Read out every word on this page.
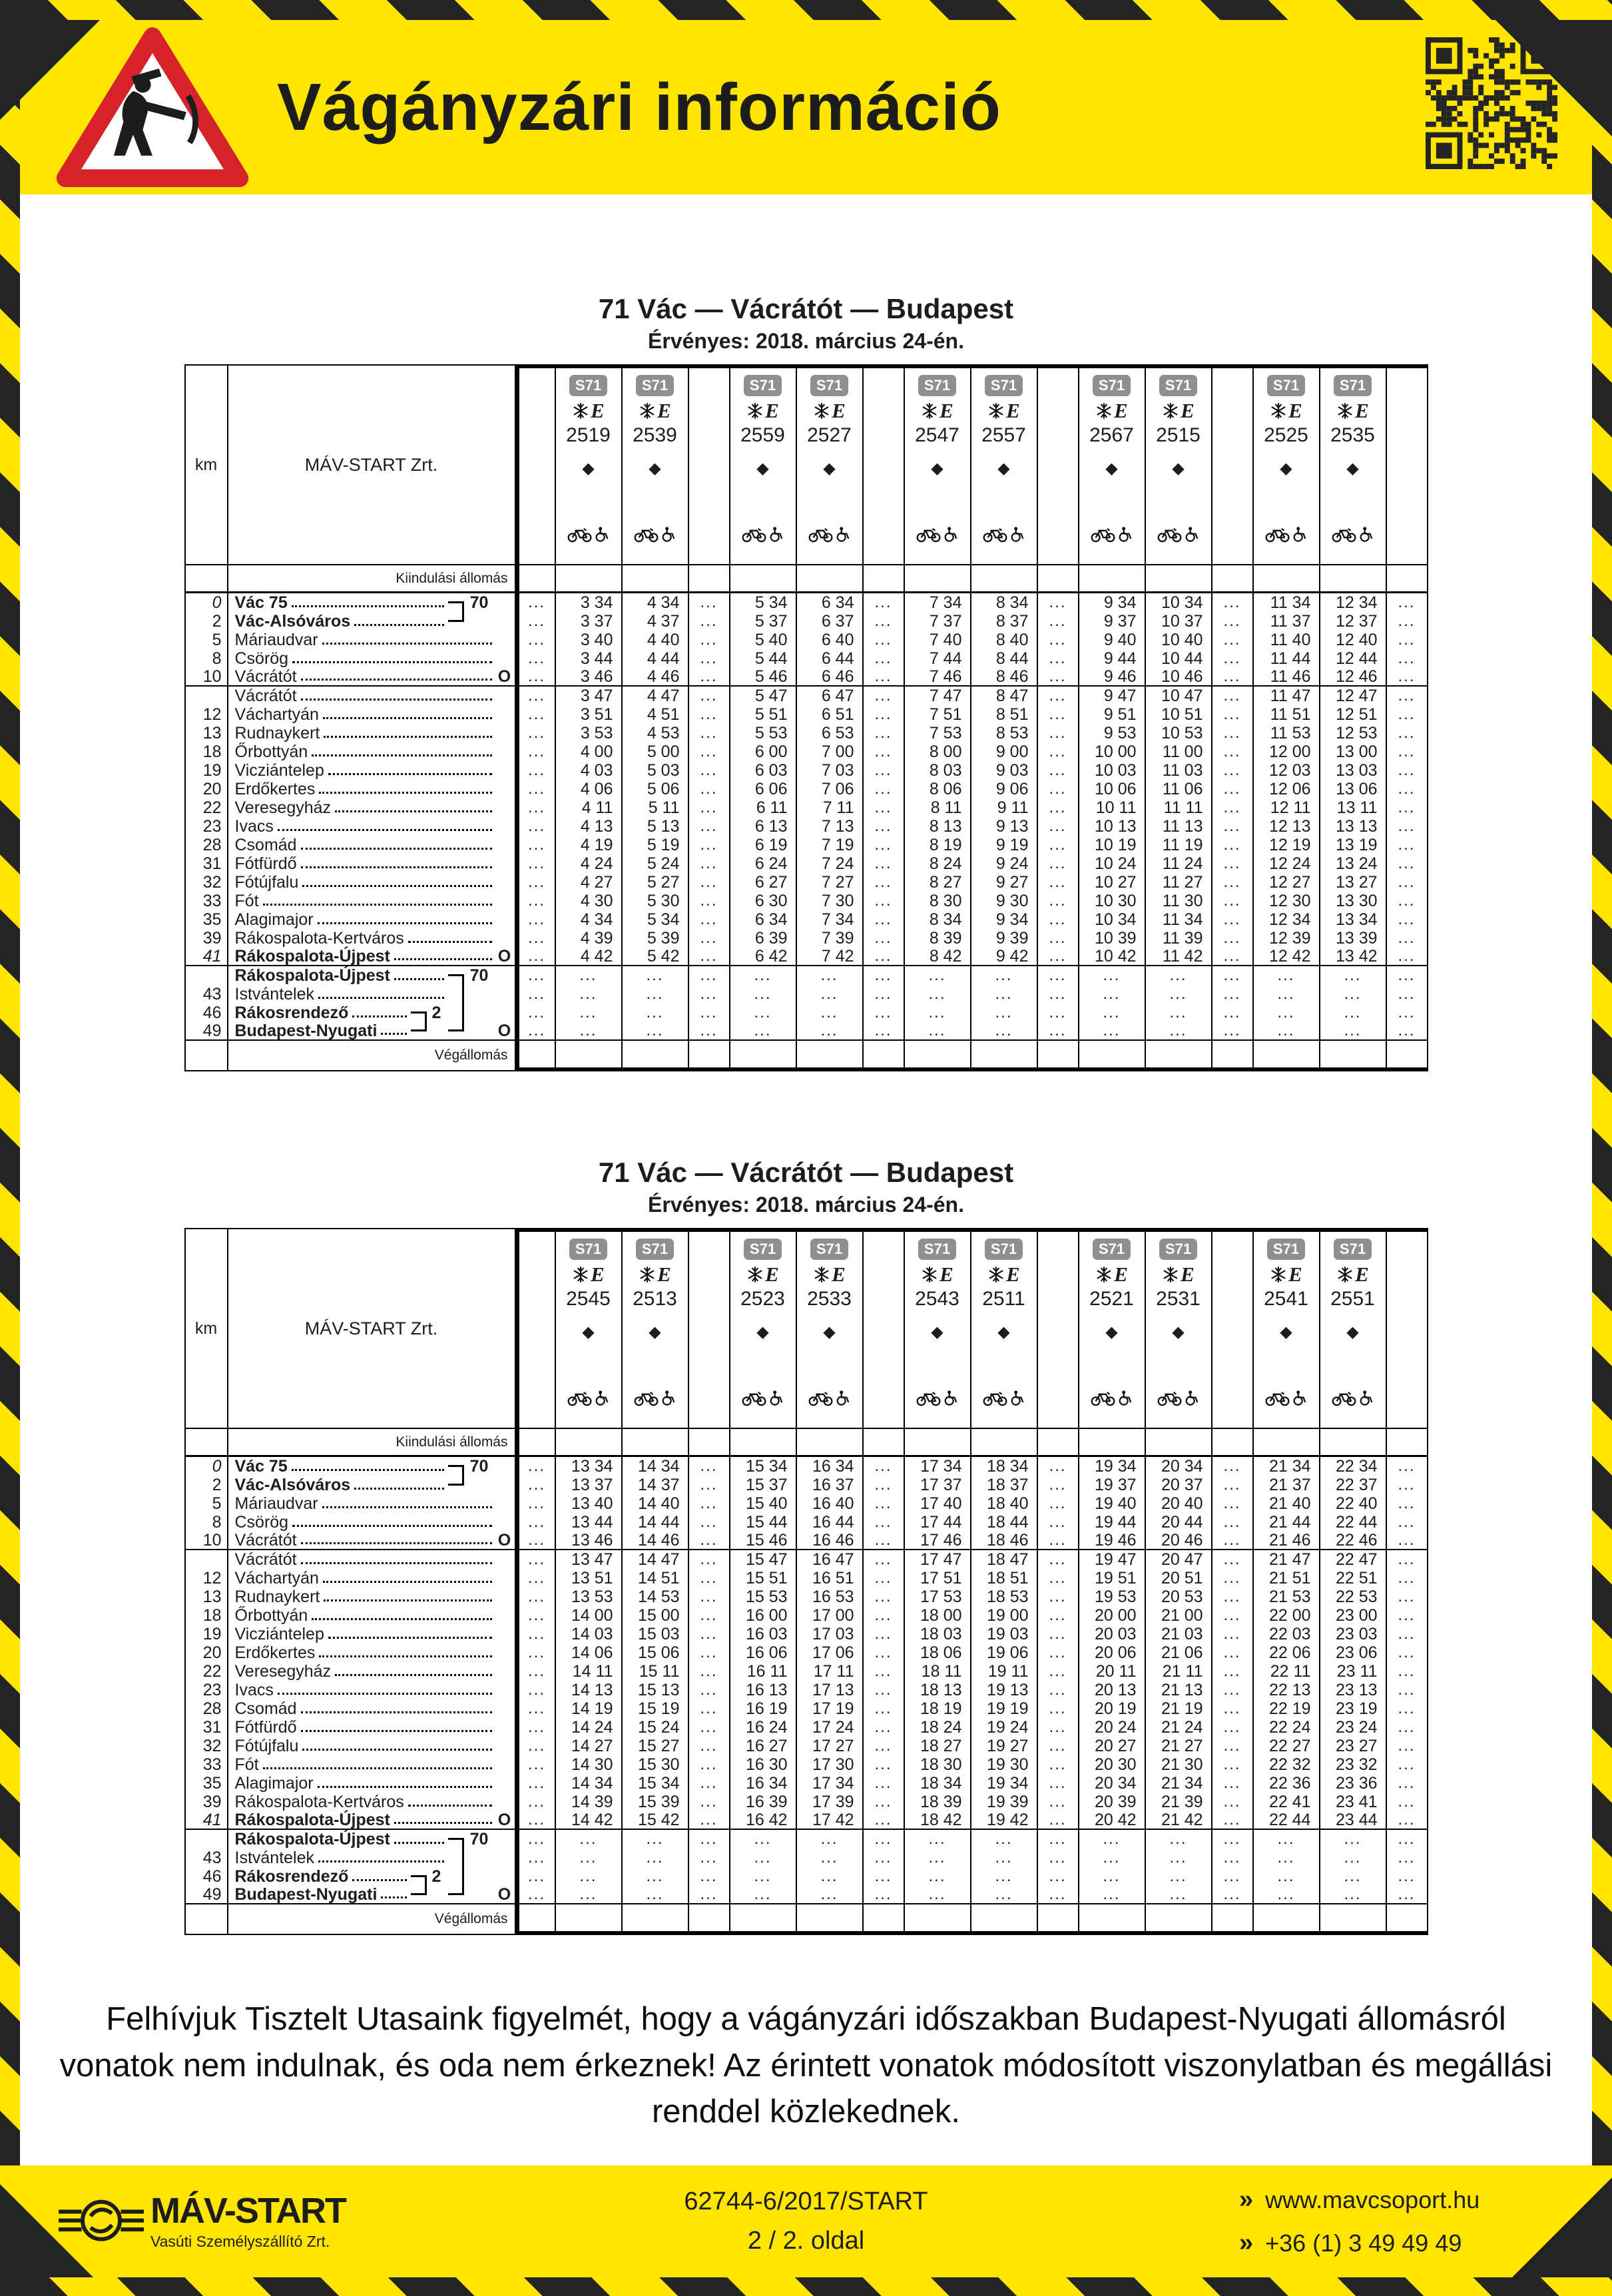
Vágányzári információ
71 Vác — Vácrátót — Budapest
Érvényes: 2018. március 24-én.
km	MÁV-START Zrt.
S71
E
2519
◆
S71
E
2539
◆
S71
E
2559
◆
S71
E
2527
◆
S71
E
2547
◆
S71
E
2557
◆
S71
E
2567
◆
S71
E
2515
◆
S71
E
2525
◆
S71
E
2535
◆
Kiindulási állomás
0 Vác 75	70	...	3 34	4 34	...	5 34	6 34	...	7 34	8 34	...	9 34	10 34	...	11 34	12 34	...
2 Vác-Alsóváros	...	3 37	4 37	...	5 37	6 37	...	7 37	8 37	...	9 37	10 37	...	11 37	12 37	...
5 Máriaudvar	...	3 40	4 40	...	5 40	6 40	...	7 40	8 40	...	9 40	10 40	...	11 40	12 40	...
8 Csörög	...	3 44	4 44	...	5 44	6 44	...	7 44	8 44	...	9 44	10 44	...	11 44	12 44	...
10 Vácrátót	O	...	3 46	4 46	...	5 46	6 46	...	7 46	8 46	...	9 46	10 46	...	11 46	12 46	...
Vácrátót	...	3 47	4 47	...	5 47	6 47	...	7 47	8 47	...	9 47	10 47	...	11 47	12 47	...
12 Váchartyán	...	3 51	4 51	...	5 51	6 51	...	7 51	8 51	...	9 51	10 51	...	11 51	12 51	...
13 Rudnaykert	...	3 53	4 53	...	5 53	6 53	...	7 53	8 53	...	9 53	10 53	...	11 53	12 53	...
18 Őrbottyán	...	4 00	5 00	...	6 00	7 00	...	8 00	9 00	...	10 00	11 00	...	12 00	13 00	...
19 Vicziántelep	...	4 03	5 03	...	6 03	7 03	...	8 03	9 03	...	10 03	11 03	...	12 03	13 03	...
20 Erdőkertes	...	4 06	5 06	...	6 06	7 06	...	8 06	9 06	...	10 06	11 06	...	12 06	13 06	...
22 Veresegyház	...	4 11	5 11	...	6 11	7 11	...	8 11	9 11	...	10 11	11 11	...	12 11	13 11	...
23 Ivacs	...	4 13	5 13	...	6 13	7 13	...	8 13	9 13	...	10 13	11 13	...	12 13	13 13	...
28 Csomád	...	4 19	5 19	...	6 19	7 19	...	8 19	9 19	...	10 19	11 19	...	12 19	13 19	...
31 Fótfürdő	...	4 24	5 24	...	6 24	7 24	...	8 24	9 24	...	10 24	11 24	...	12 24	13 24	...
32 Fótújfalu	...	4 27	5 27	...	6 27	7 27	...	8 27	9 27	...	10 27	11 27	...	12 27	13 27	...
33 Fót	...	4 30	5 30	...	6 30	7 30	...	8 30	9 30	...	10 30	11 30	...	12 30	13 30	...
35 Alagimajor	...	4 34	5 34	...	6 34	7 34	...	8 34	9 34	...	10 34	11 34	...	12 34	13 34	...
39 Rákospalota-Kertváros	...	4 39	5 39	...	6 39	7 39	...	8 39	9 39	...	10 39	11 39	...	12 39	13 39	...
41 Rákospalota-Újpest	O	...	4 42	5 42	...	6 42	7 42	...	8 42	9 42	...	10 42	11 42	...	12 42	13 42	...
Rákospalota-Újpest	70	...	...	...	...	...	...	...	...	...	...	...	...	...	...	...	...
43 Istvántelek	...	...	...	...	...	...	...	...	...	...	...	...	...	...	...	...
46 Rákosrendező	2	...	...	...	...	...	...	...	...	...	...	...	...	...	...	...	...
49 Budapest-Nyugati	O	...	...	...	...	...	...	...	...	...	...	...	...	...	...	...	...
Végállomás
71 Vác — Vácrátót — Budapest
Érvényes: 2018. március 24-én.
km	MÁV-START Zrt.
S71
E
2545
◆
S71
E
2513
◆
S71
E
2523
◆
S71
E
2533
◆
S71
E
2543
◆
S71
E
2511
◆
S71
E
2521
◆
S71
E
2531
◆
S71
E
2541
◆
S71
E
2551
◆
Kiindulási állomás
0 Vác 75	70	...	13 34	14 34	...	15 34	16 34	...	17 34	18 34	...	19 34	20 34	...	21 34	22 34	...
2 Vác-Alsóváros	...	13 37	14 37	...	15 37	16 37	...	17 37	18 37	...	19 37	20 37	...	21 37	22 37	...
5 Máriaudvar	...	13 40	14 40	...	15 40	16 40	...	17 40	18 40	...	19 40	20 40	...	21 40	22 40	...
8 Csörög	...	13 44	14 44	...	15 44	16 44	...	17 44	18 44	...	19 44	20 44	...	21 44	22 44	...
10 Vácrátót	O	...	13 46	14 46	...	15 46	16 46	...	17 46	18 46	...	19 46	20 46	...	21 46	22 46	...
Vácrátót	...	13 47	14 47	...	15 47	16 47	...	17 47	18 47	...	19 47	20 47	...	21 47	22 47	...
12 Váchartyán	...	13 51	14 51	...	15 51	16 51	...	17 51	18 51	...	19 51	20 51	...	21 51	22 51	...
13 Rudnaykert	...	13 53	14 53	...	15 53	16 53	...	17 53	18 53	...	19 53	20 53	...	21 53	22 53	...
18 Őrbottyán	...	14 00	15 00	...	16 00	17 00	...	18 00	19 00	...	20 00	21 00	...	22 00	23 00	...
19 Vicziántelep	...	14 03	15 03	...	16 03	17 03	...	18 03	19 03	...	20 03	21 03	...	22 03	23 03	...
20 Erdőkertes	...	14 06	15 06	...	16 06	17 06	...	18 06	19 06	...	20 06	21 06	...	22 06	23 06	...
22 Veresegyház	...	14 11	15 11	...	16 11	17 11	...	18 11	19 11	...	20 11	21 11	...	22 11	23 11	...
23 Ivacs	...	14 13	15 13	...	16 13	17 13	...	18 13	19 13	...	20 13	21 13	...	22 13	23 13	...
28 Csomád	...	14 19	15 19	...	16 19	17 19	...	18 19	19 19	...	20 19	21 19	...	22 19	23 19	...
31 Fótfürdő	...	14 24	15 24	...	16 24	17 24	...	18 24	19 24	...	20 24	21 24	...	22 24	23 24	...
32 Fótújfalu	...	14 27	15 27	...	16 27	17 27	...	18 27	19 27	...	20 27	21 27	...	22 27	23 27	...
33 Fót	...	14 30	15 30	...	16 30	17 30	...	18 30	19 30	...	20 30	21 30	...	22 32	23 32	...
35 Alagimajor	...	14 34	15 34	...	16 34	17 34	...	18 34	19 34	...	20 34	21 34	...	22 36	23 36	...
39 Rákospalota-Kertváros	...	14 39	15 39	...	16 39	17 39	...	18 39	19 39	...	20 39	21 39	...	22 41	23 41	...
41 Rákospalota-Újpest	O	...	14 42	15 42	...	16 42	17 42	...	18 42	19 42	...	20 42	21 42	...	22 44	23 44	...
Rákospalota-Újpest	70	...	...	...	...	...	...	...	...	...	...	...	...	...	...	...	...
43 Istvántelek	...	...	...	...	...	...	...	...	...	...	...	...	...	...	...	...
46 Rákosrendező	2	...	...	...	...	...	...	...	...	...	...	...	...	...	...	...	...
49 Budapest-Nyugati	O	...	...	...	...	...	...	...	...	...	...	...	...	...	...	...	...
Végállomás

Felhívjuk Tisztelt Utasaink figyelmét, hogy a vágányzári időszakban Budapest-Nyugati állomásról vonatok nem indulnak, és oda nem érkeznek! Az érintett vonatok módosított viszonylatban és megállási renddel közlekednek.

MÁV-START
Vasúti Személyszállító Zrt.
62744-6/2017/START
2 / 2. oldal
» www.mavcsoport.hu
» +36 (1) 3 49 49 49
